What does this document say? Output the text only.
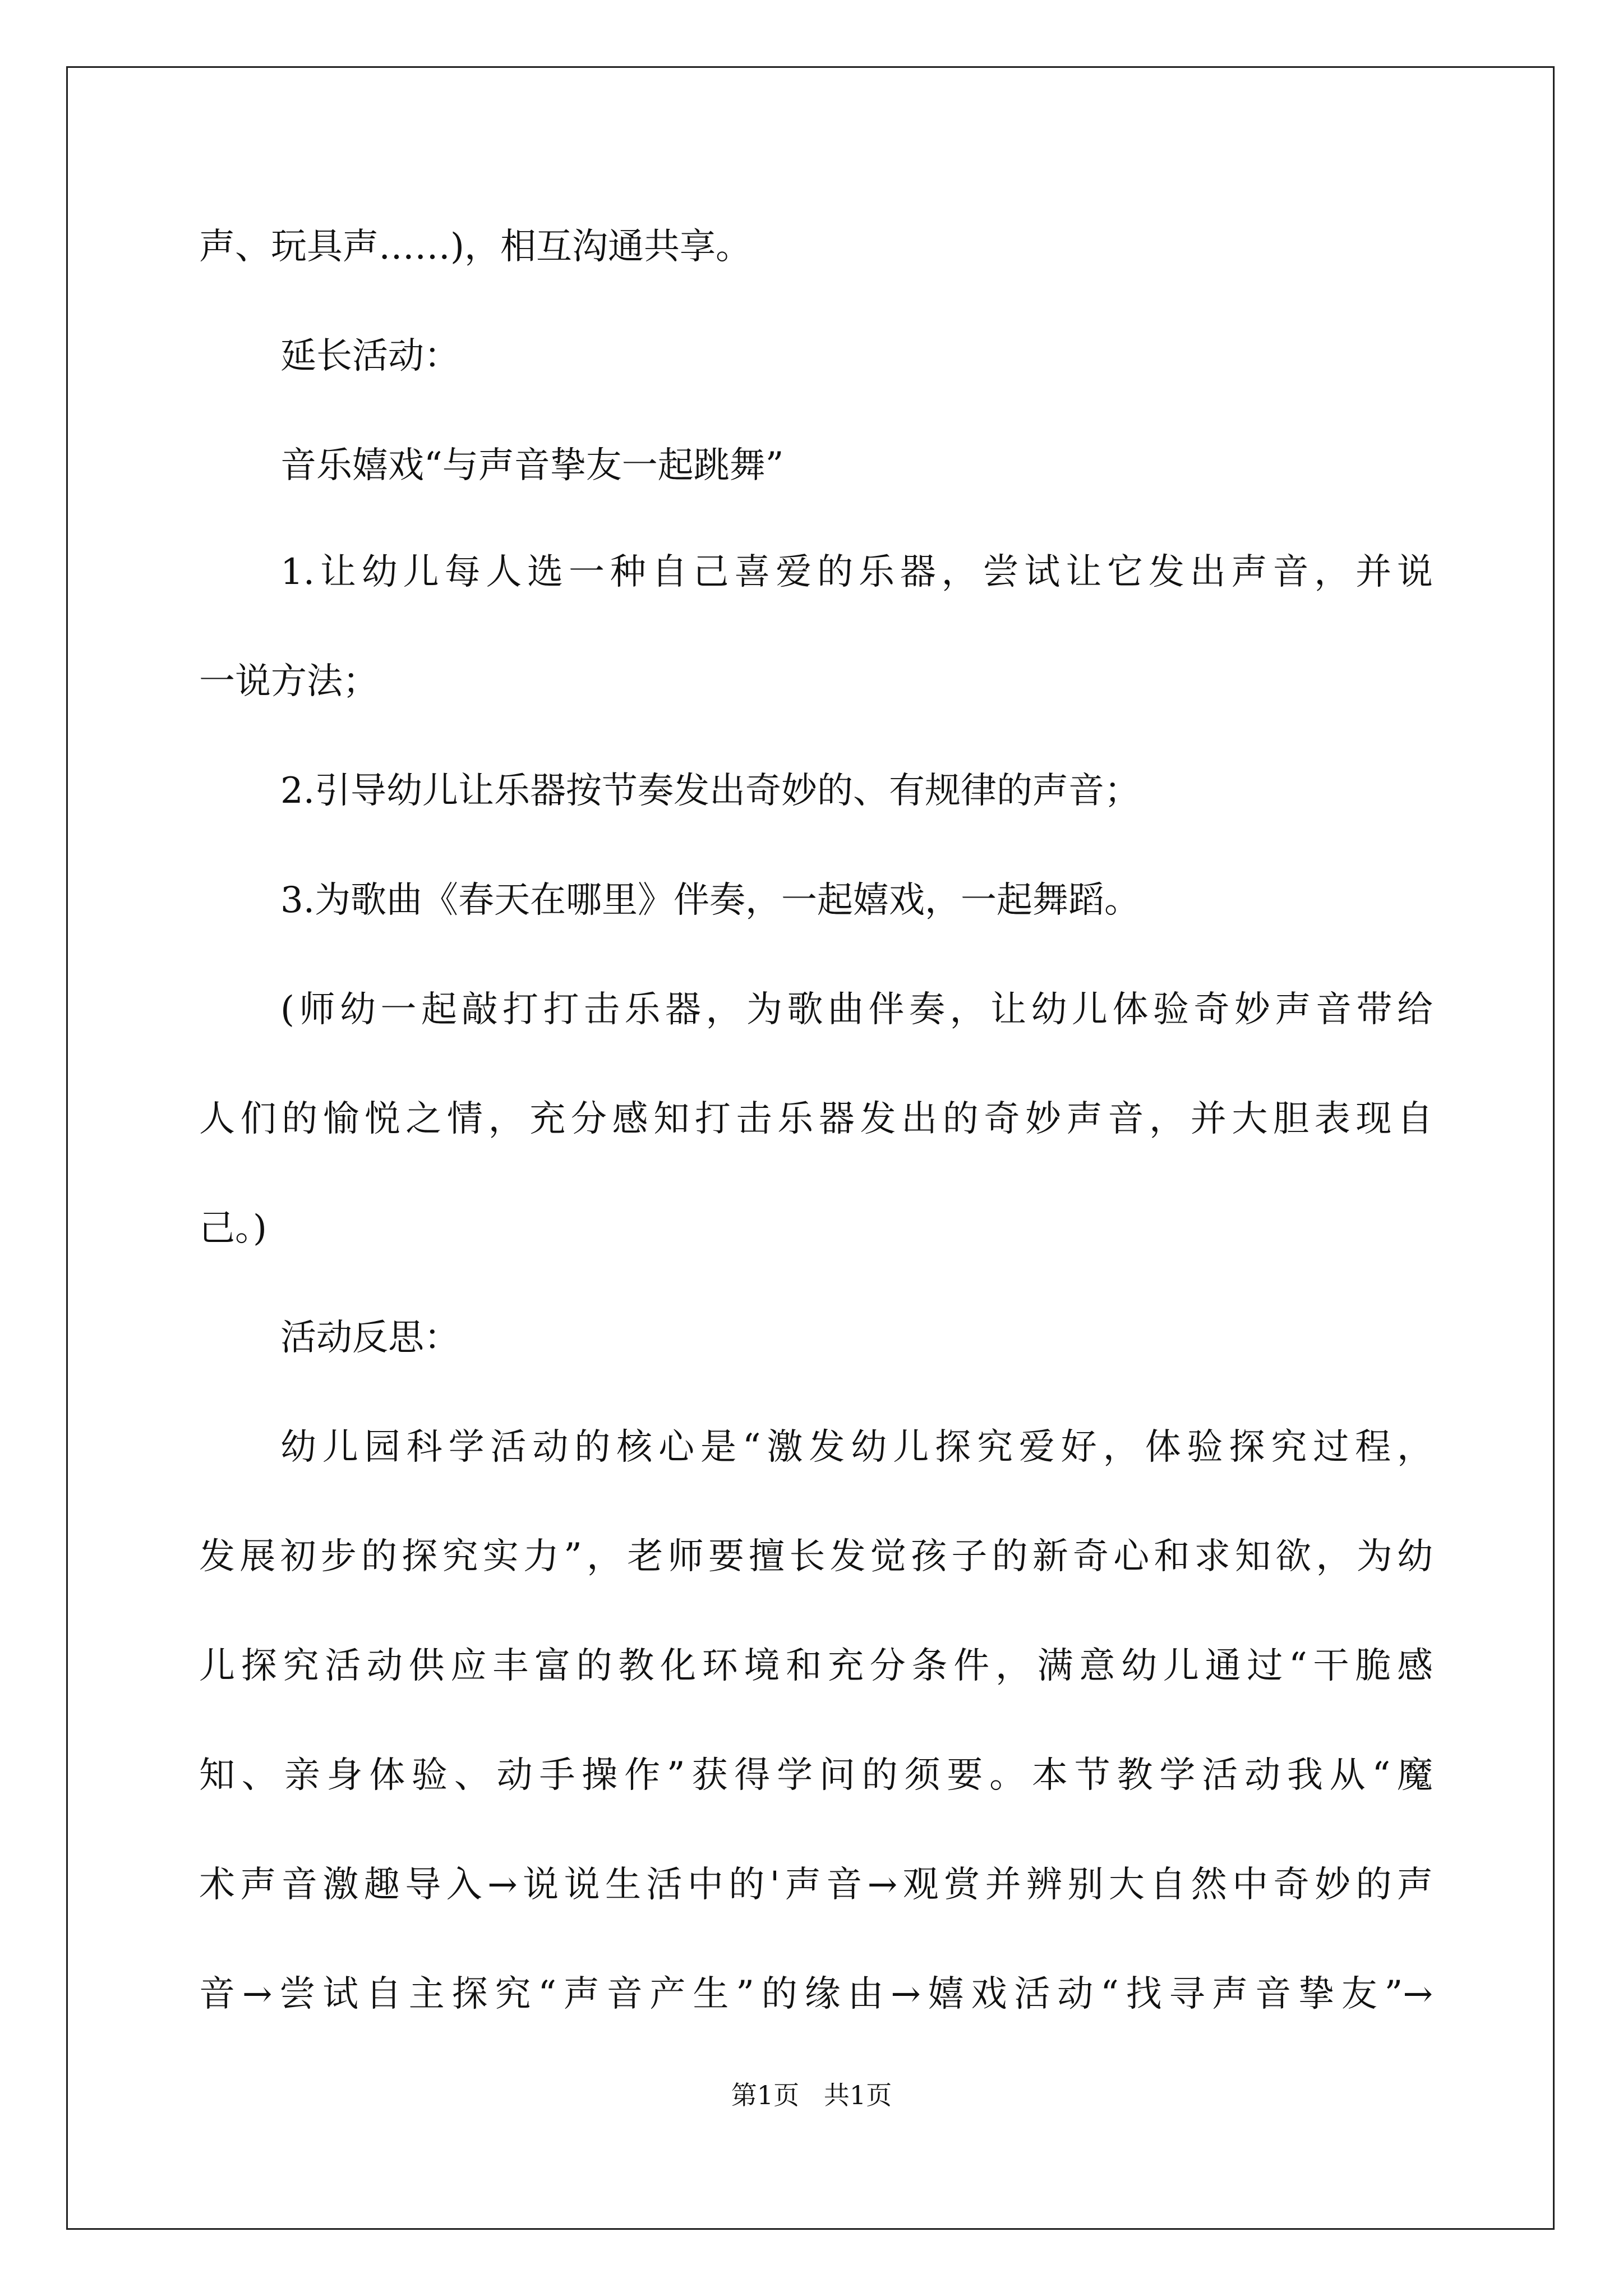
声、玩具声……)，相互沟通共享。
延长活动：
音乐嬉戏“与声音挚友一起跳舞”
1.让幼儿每人选一种自己喜爱的乐器，尝试让它发出声音，并说
一说方法；
2.引导幼儿让乐器按节奏发出奇妙的、有规律的声音；
3.为歌曲《春天在哪里》伴奏，一起嬉戏，一起舞蹈。
(师幼一起敲打打击乐器，为歌曲伴奏，让幼儿体验奇妙声音带给
人们的愉悦之情，充分感知打击乐器发出的奇妙声音，并大胆表现自
己。)
活动反思：
幼儿园科学活动的核心是“激发幼儿探究爱好，体验探究过程，
发展初步的探究实力”，老师要擅长发觉孩子的新奇心和求知欲，为幼
儿探究活动供应丰富的教化环境和充分条件，满意幼儿通过“干脆感
知、亲身体验、动手操作”获得学问的须要。本节教学活动我从“魔
术声音激趣导入→说说生活中的'声音→观赏并辨别大自然中奇妙的声
音→尝试自主探究“声音产生”的缘由→嬉戏活动“找寻声音挚友”→
第1页   共1页
